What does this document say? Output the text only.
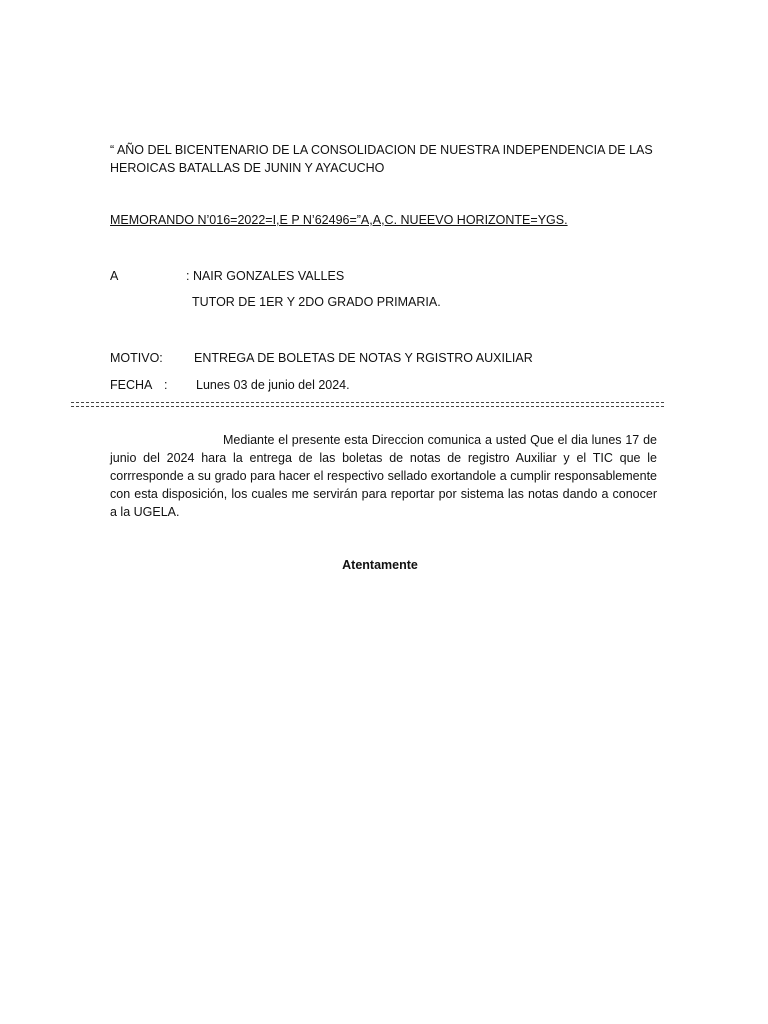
“ AÑO DEL BICENTENARIO DE LA CONSOLIDACION DE NUESTRA INDEPENDENCIA DE LAS
HEROICAS BATALLAS DE JUNIN Y AYACUCHO
MEMORANDO N’016=2022=I,E P N’62496=”A,A,C. NUEEVO HORIZONTE=YGS.
A	: NAIR GONZALES VALLES
TUTOR DE 1ER Y 2DO GRADO PRIMARIA.
MOTIVO: ENTREGA DE BOLETAS DE NOTAS Y RGISTRO AUXILIAR
FECHA : Lunes 03 de junio del 2024.
Mediante el presente esta Direccion comunica a usted Que el dia lunes 17 de junio del 2024 hara la entrega de las boletas de notas de registro Auxiliar y el TIC que le corrresponde a su grado para hacer el respectivo sellado exortandole a cumplir responsablemente con esta disposición, los cuales me servirán para reportar por sistema las notas dando a conocer a la UGELA.
Atentamente
